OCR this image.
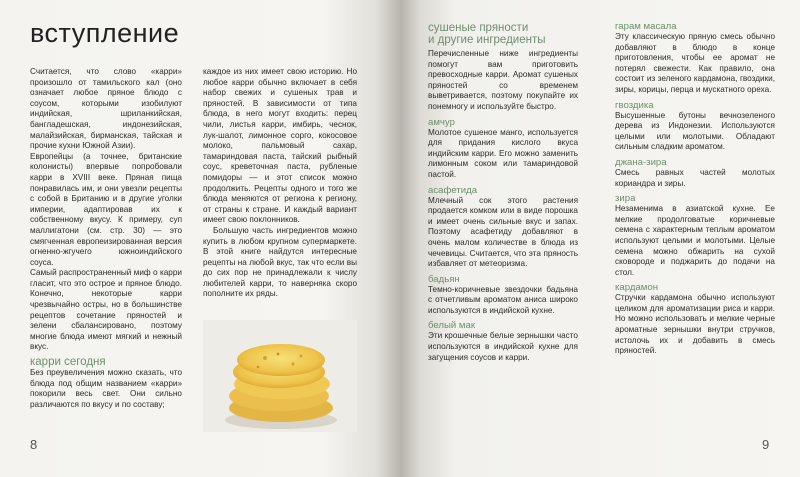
вступление

Считается, что слово «карри» произошло от тамильского кал (оно означает любое пряное блюдо с соусом, которыми изобилуют индийская, шриланкийская, бангладешская, индонезийская, малайзийская, бирманская, тайская и прочие кухни Южной Азии).

Европейцы (а точнее, британские колонисты) впервые попробовали карри в XVIII веке. Пряная пища понравилась им, и они увезли рецепты с собой в Британию и в другие уголки империи, адаптировав их к собственному вкусу. К примеру, суп маллигатони (см. стр. 30) — это смягченная европеизированная версия огненно-жгучего южноиндийского соуса.

Самый распространенный миф о карри гласит, что это острое и пряное блюдо. Конечно, некоторые карри чрезвычайно остры, но в большинстве рецептов сочетание пряностей и зелени сбалансировано, поэтому многие блюда имеют мягкий и нежный вкус.

карри сегодня

Без преувеличения можно сказать, что блюда под общим названием «карри» покорили весь свет. Они сильно различаются по вкусу и по составу;

каждое из них имеет свою историю. Но любое карри обычно включает в себя набор свежих и сушеных трав и пряностей. В зависимости от типа блюда, в него могут входить: перец чили, листья карри, имбирь, чеснок, лук-шалот, лимонное сорго, кокосовое молоко, пальмовый сахар, тамариндовая паста, тайский рыбный соус, креветочная паста, рубленые помидоры — и этот список можно продолжить. Рецепты одного и того же блюда меняются от региона к региону, от страны к стране. И каждый вариант имеет свою поклонников.

Большую часть ингредиентов можно купить в любом крупном супермаркете. В этой книге найдутся интересные рецепты на любой вкус, так что если вы до сих пор не принадлежали к числу любителей карри, то наверняка скоро пополните их ряды.

8
сушеные пряности
и другие ингредиенты

Перечисленные ниже ингредиенты помогут вам приготовить превосходные карри. Аромат сушеных пряностей со временем выветривается, поэтому покупайте их понемногу и используйте быстро.

амчур

Молотое сушеное манго, используется для придания кислого вкуса индийским карри. Его можно заменить лимонным соком или тамариндовой пастой.

асафетида

Млечный сок этого растения продается комком или в виде порошка и имеет очень сильные вкус и запах. Поэтому асафетиду добавляют в очень малом количестве в блюда из чечевицы. Считается, что эта пряность избавляет от метеоризма.

бадьян

Темно-коричневые звездочки бадьяна с отчетливым ароматом аниса широко используются в индийской кухне.

белый мак

Эти крошечные белые зернышки часто используются в индийской кухне для загущения соусов и карри.

гарам масала

Эту классическую пряную смесь обычно добавляют в блюдо в конце приготовления, чтобы ее аромат не потерял свежести. Как правило, она состоит из зеленого кардамона, гвоздики, зиры, корицы, перца и мускатного ореха.

гвоздика

Высушенные бутоны вечнозеленого дерева из Индонезии. Используются целыми или молотыми. Обладают сильным сладким ароматом.

джана-зира

Смесь равных частей молотых кориандра и зиры.

зира

Незаменима в азиатской кухне. Ее мелкие продолговатые коричневые семена с характерным теплым ароматом используют целыми и молотыми. Целые семена можно обжарить на сухой сковороде и поджарить до подачи на стол.

кардамон

Стручки кардамона обычно используют целиком для ароматизации риса и карри. Но можно использовать и мелкие черные ароматные зернышки внутри стручков, истолочь их и добавить в смесь пряностей.

9
